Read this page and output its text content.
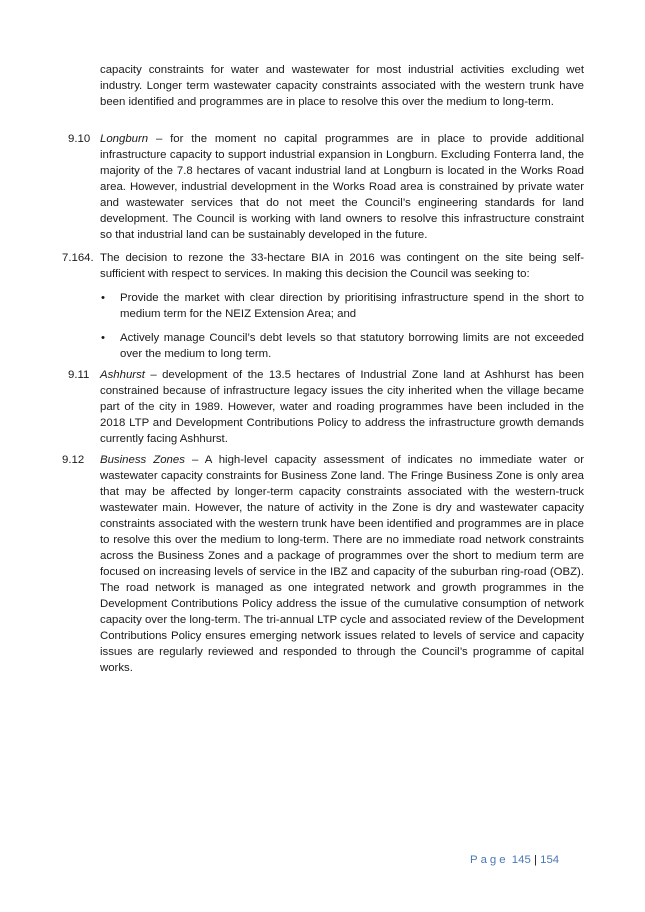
capacity constraints for water and wastewater for most industrial activities excluding wet industry. Longer term wastewater capacity constraints associated with the western trunk have been identified and programmes are in place to resolve this over the medium to long-term.
9.10 Longburn – for the moment no capital programmes are in place to provide additional infrastructure capacity to support industrial expansion in Longburn. Excluding Fonterra land, the majority of the 7.8 hectares of vacant industrial land at Longburn is located in the Works Road area. However, industrial development in the Works Road area is constrained by private water and wastewater services that do not meet the Council’s engineering standards for land development. The Council is working with land owners to resolve this infrastructure constraint so that industrial land can be sustainably developed in the future.
7.164. The decision to rezone the 33-hectare BIA in 2016 was contingent on the site being self-sufficient with respect to services. In making this decision the Council was seeking to:
• Provide the market with clear direction by prioritising infrastructure spend in the short to medium term for the NEIZ Extension Area; and
• Actively manage Council’s debt levels so that statutory borrowing limits are not exceeded over the medium to long term.
9.11 Ashhurst – development of the 13.5 hectares of Industrial Zone land at Ashhurst has been constrained because of infrastructure legacy issues the city inherited when the village became part of the city in 1989. However, water and roading programmes have been included in the 2018 LTP and Development Contributions Policy to address the infrastructure growth demands currently facing Ashhurst.
9.12 Business Zones – A high-level capacity assessment of indicates no immediate water or wastewater capacity constraints for Business Zone land. The Fringe Business Zone is only area that may be affected by longer-term capacity constraints associated with the western-truck wastewater main. However, the nature of activity in the Zone is dry and wastewater capacity constraints associated with the western trunk have been identified and programmes are in place to resolve this over the medium to long-term. There are no immediate road network constraints across the Business Zones and a package of programmes over the short to medium term are focused on increasing levels of service in the IBZ and capacity of the suburban ring-road (OBZ). The road network is managed as one integrated network and growth programmes in the Development Contributions Policy address the issue of the cumulative consumption of network capacity over the long-term. The tri-annual LTP cycle and associated review of the Development Contributions Policy ensures emerging network issues related to levels of service and capacity issues are regularly reviewed and responded to through the Council’s programme of capital works.
Page 145 | 154
